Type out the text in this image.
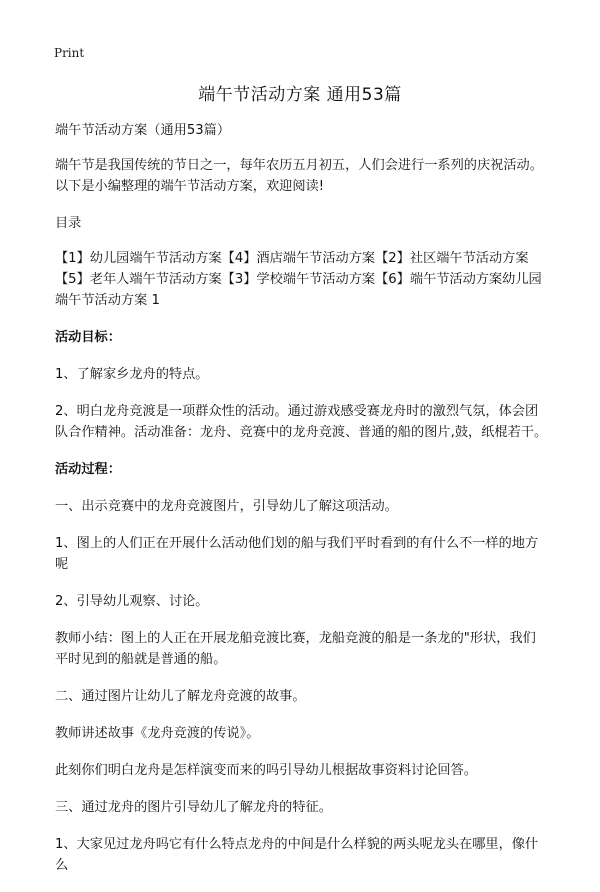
Print
端午节活动方案 通用53篇

端午节活动方案（通用53篇）

端午节是我国传统的节日之一，每年农历五月初五，人们会进行一系列的庆祝活动。以下是小编整理的端午节活动方案，欢迎阅读!

目录

【1】幼儿园端午节活动方案【4】酒店端午节活动方案【2】社区端午节活动方案【5】老年人端午节活动方案【3】学校端午节活动方案【6】端午节活动方案幼儿园端午节活动方案 1

活动目标：

1、了解家乡龙舟的特点。

2、明白龙舟竞渡是一项群众性的活动。通过游戏感受赛龙舟时的激烈气氛，体会团队合作精神。活动准备：龙舟、竞赛中的龙舟竞渡、普通的船的图片,鼓，纸棍若干。

活动过程：

一、出示竞赛中的龙舟竞渡图片，引导幼儿了解这项活动。

1、图上的人们正在开展什么活动他们划的船与我们平时看到的有什么不一样的地方呢

2、引导幼儿观察、讨论。

教师小结：图上的人正在开展龙船竞渡比赛，龙船竞渡的船是一条龙的"形状，我们平时见到的船就是普通的船。

二、通过图片让幼儿了解龙舟竞渡的故事。

教师讲述故事《龙舟竞渡的传说》。

此刻你们明白龙舟是怎样演变而来的吗引导幼儿根据故事资料讨论回答。

三、通过龙舟的图片引导幼儿了解龙舟的特征。

1、大家见过龙舟吗它有什么特点龙舟的中间是什么样貌的两头呢龙头在哪里，像什么
